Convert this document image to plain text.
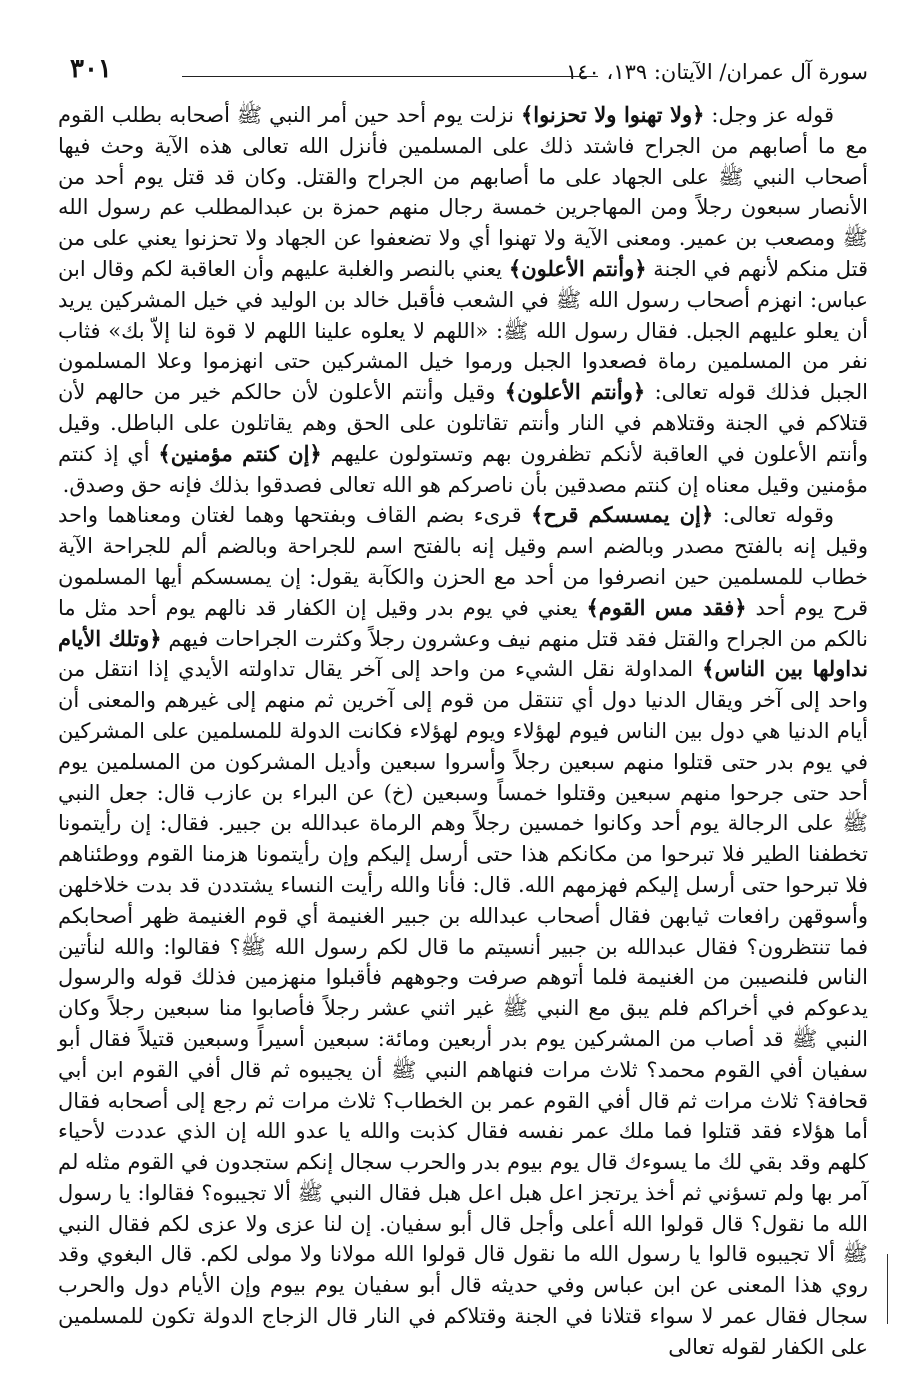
سورة آل عمران/ الآيتان: ١٣٩، ١٤٠
٣٠١

قوله عز وجل: ﴿ولا تهنوا ولا تحزنوا﴾ نزلت يوم أحد حين أمر النبي ﷺ أصحابه بطلب القوم مع ما أصابهم من الجراح فاشتد ذلك على المسلمين فأنزل الله تعالى هذه الآية وحث فيها أصحاب النبي ﷺ على الجهاد على ما أصابهم من الجراح والقتل. وكان قد قتل يوم أحد من الأنصار سبعون رجلاً ومن المهاجرين خمسة رجال منهم حمزة بن عبدالمطلب عم رسول الله ﷺ ومصعب بن عمير. ومعنى الآية ولا تهنوا أي ولا تضعفوا عن الجهاد ولا تحزنوا يعني على من قتل منكم لأنهم في الجنة ﴿وأنتم الأعلون﴾ يعني بالنصر والغلبة عليهم وأن العاقبة لكم وقال ابن عباس: انهزم أصحاب رسول الله ﷺ في الشعب فأقبل خالد بن الوليد في خيل المشركين يريد أن يعلو عليهم الجبل. فقال رسول الله ﷺ: «اللهم لا يعلوه علينا اللهم لا قوة لنا إلاّ بك» فثاب نفر من المسلمين رماة فصعدوا الجبل ورموا خيل المشركين حتى انهزموا وعلا المسلمون الجبل فذلك قوله تعالى: ﴿وأنتم الأعلون﴾ وقيل وأنتم الأعلون لأن حالكم خير من حالهم لأن قتلاكم في الجنة وقتلاهم في النار وأنتم تقاتلون على الحق وهم يقاتلون على الباطل. وقيل وأنتم الأعلون في العاقبة لأنكم تظفرون بهم وتستولون عليهم ﴿إن كنتم مؤمنين﴾ أي إذ كنتم مؤمنين وقيل معناه إن كنتم مصدقين بأن ناصركم هو الله تعالى فصدقوا بذلك فإنه حق وصدق.

وقوله تعالى: ﴿إن يمسسكم قرح﴾ قرىء بضم القاف وبفتحها وهما لغتان ومعناهما واحد وقيل إنه بالفتح مصدر وبالضم اسم وقيل إنه بالفتح اسم للجراحة وبالضم ألم للجراحة الآية خطاب للمسلمين حين انصرفوا من أحد مع الحزن والكآبة يقول: إن يمسسكم أيها المسلمون قرح يوم أحد ﴿فقد مس القوم﴾ يعني في يوم بدر وقيل إن الكفار قد نالهم يوم أحد مثل ما نالكم من الجراح والقتل فقد قتل منهم نيف وعشرون رجلاً وكثرت الجراحات فيهم ﴿وتلك الأيام نداولها بين الناس﴾ المداولة نقل الشيء من واحد إلى آخر يقال تداولته الأيدي إذا انتقل من واحد إلى آخر ويقال الدنيا دول أي تنتقل من قوم إلى آخرين ثم منهم إلى غيرهم والمعنى أن أيام الدنيا هي دول بين الناس فيوم لهؤلاء ويوم لهؤلاء فكانت الدولة للمسلمين على المشركين في يوم بدر حتى قتلوا منهم سبعين رجلاً وأسروا سبعين وأديل المشركون من المسلمين يوم أحد حتى جرحوا منهم سبعين وقتلوا خمساً وسبعين (خ) عن البراء بن عازب قال: جعل النبي ﷺ على الرجالة يوم أحد وكانوا خمسين رجلاً وهم الرماة عبدالله بن جبير. فقال: إن رأيتمونا تخطفنا الطير فلا تبرحوا من مكانكم هذا حتى أرسل إليكم وإن رأيتمونا هزمنا القوم ووطئناهم فلا تبرحوا حتى أرسل إليكم فهزمهم الله. قال: فأنا والله رأيت النساء يشتددن قد بدت خلاخلهن وأسوقهن رافعات ثيابهن فقال أصحاب عبدالله بن جبير الغنيمة أي قوم الغنيمة ظهر أصحابكم فما تنتظرون؟ فقال عبدالله بن جبير أنسيتم ما قال لكم رسول الله ﷺ؟ فقالوا: والله لنأتين الناس فلنصيبن من الغنيمة فلما أتوهم صرفت وجوههم فأقبلوا منهزمين فذلك قوله والرسول يدعوكم في أخراكم فلم يبق مع النبي ﷺ غير اثني عشر رجلاً فأصابوا منا سبعين رجلاً وكان النبي ﷺ قد أصاب من المشركين يوم بدر أربعين ومائة: سبعين أسيراً وسبعين قتيلاً فقال أبو سفيان أفي القوم محمد؟ ثلاث مرات فنهاهم النبي ﷺ أن يجيبوه ثم قال أفي القوم ابن أبي قحافة؟ ثلاث مرات ثم قال أفي القوم عمر بن الخطاب؟ ثلاث مرات ثم رجع إلى أصحابه فقال أما هؤلاء فقد قتلوا فما ملك عمر نفسه فقال كذبت والله يا عدو الله إن الذي عددت لأحياء كلهم وقد بقي لك ما يسوءك قال يوم بيوم بدر والحرب سجال إنكم ستجدون في القوم مثله لم آمر بها ولم تسؤني ثم أخذ يرتجز اعل هبل اعل هبل فقال النبي ﷺ ألا تجيبوه؟ فقالوا: يا رسول الله ما نقول؟ قال قولوا الله أعلى وأجل قال أبو سفيان. إن لنا عزى ولا عزى لكم فقال النبي ﷺ ألا تجيبوه قالوا يا رسول الله ما نقول قال قولوا الله مولانا ولا مولى لكم. قال البغوي وقد روي هذا المعنى عن ابن عباس وفي حديثه قال أبو سفيان يوم بيوم وإن الأيام دول والحرب سجال فقال عمر لا سواء قتلانا في الجنة وقتلاكم في النار قال الزجاج الدولة تكون للمسلمين على الكفار لقوله تعالى
